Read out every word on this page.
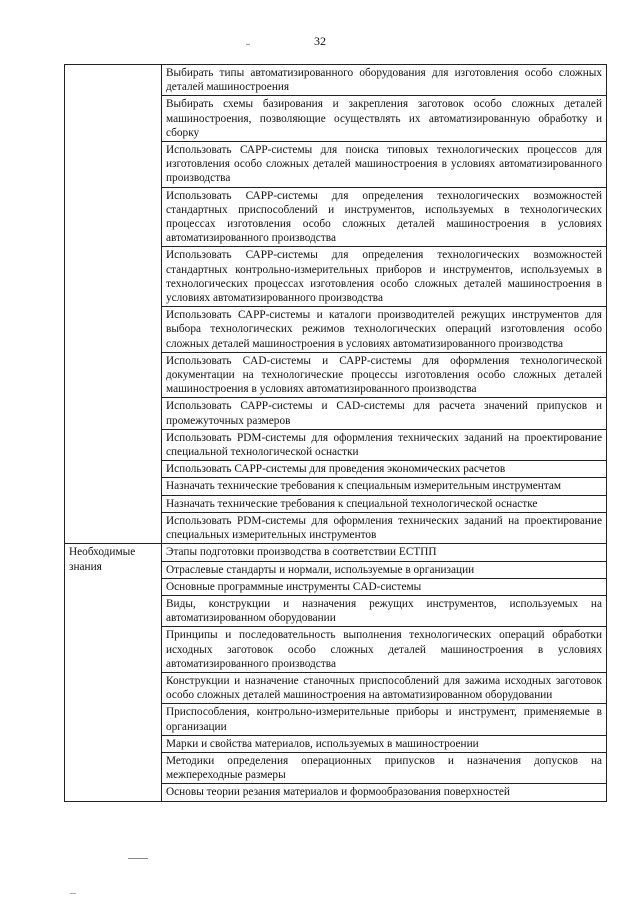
32
	Выбирать типы автоматизированного оборудования для изготовления особо сложных деталей машиностроения
	Выбирать схемы базирования и закрепления заготовок особо сложных деталей машиностроения, позволяющие осуществлять их автоматизированную обработку и сборку
	Использовать САРР-системы для поиска типовых технологических процессов для изготовления особо сложных деталей машиностроения в условиях автоматизированного производства
	Использовать САРР-системы для определения технологических возможностей стандартных приспособлений и инструментов, используемых в технологических процессах изготовления особо сложных деталей машиностроения в условиях автоматизированного производства
	Использовать САРР-системы для определения технологических возможностей стандартных контрольно-измерительных приборов и инструментов, используемых в технологических процессах изготовления особо сложных деталей машиностроения в условиях автоматизированного производства
	Использовать САРР-системы и каталоги производителей режущих инструментов для выбора технологических режимов технологических операций изготовления особо сложных деталей машиностроения в условиях автоматизированного производства
	Использовать CAD-системы и САРР-системы для оформления технологической документации на технологические процессы изготовления особо сложных деталей машиностроения в условиях автоматизированного производства
	Использовать САРР-системы и CAD-системы для расчета значений припусков и промежуточных размеров
	Использовать PDM-системы для оформления технических заданий на проектирование специальной технологической оснастки
	Использовать САРР-системы для проведения экономических расчетов
	Назначать технические требования к специальным измерительным инструментам
	Назначать технические требования к специальной технологической оснастке
	Использовать PDM-системы для оформления технических заданий на проектирование специальных измерительных инструментов
Необходимые знания	Этапы подготовки производства в соответствии ЕСТПП
	Отраслевые стандарты и нормали, используемые в организации
	Основные программные инструменты CAD-системы
	Виды, конструкции и назначения режущих инструментов, используемых на автоматизированном оборудовании
	Принципы и последовательность выполнения технологических операций обработки исходных заготовок особо сложных деталей машиностроения в условиях автоматизированного производства
	Конструкции и назначение станочных приспособлений для зажима исходных заготовок особо сложных деталей машиностроения на автоматизированном оборудовании
	Приспособления, контрольно-измерительные приборы и инструмент, применяемые в организации
	Марки и свойства материалов, используемых в машиностроении
	Методики определения операционных припусков и назначения допусков на межпереходные размеры
	Основы теории резания материалов и формообразования поверхностей
